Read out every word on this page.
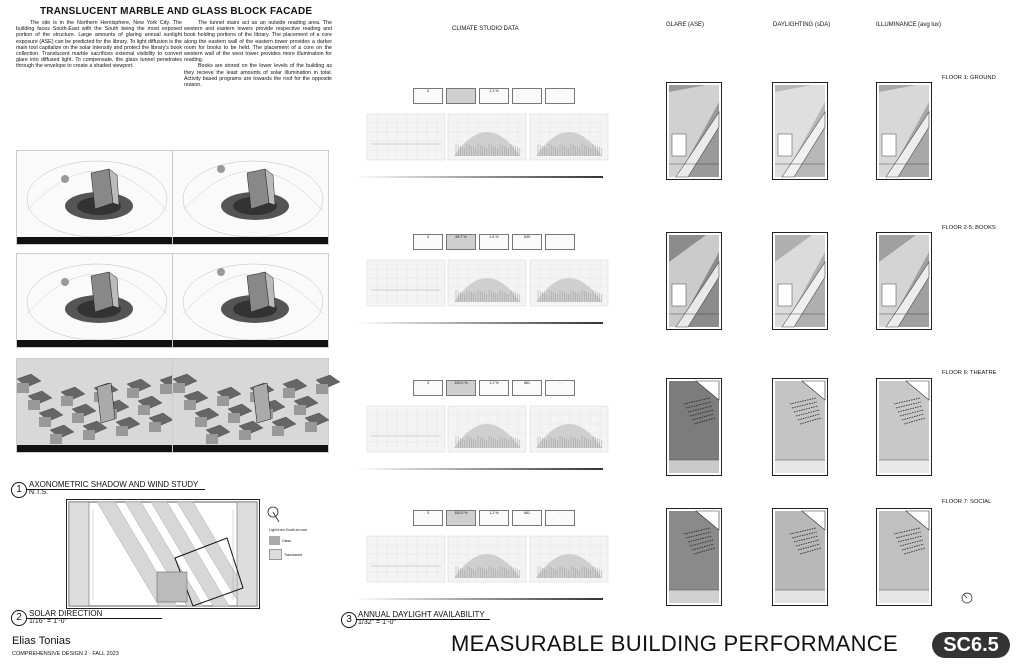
TRANSLUCENT MARBLE AND GLASS BLOCK FACADE

The site is in the Northern Hemisphere, New York City. The building faces South-East with the South being the most exposed portion of the structure. Large amounts of glaring annual sunlight exposure (ASE) can be predicted for the library. To light diffusion is the main tool capitalize on the solar intensity and protect the library's book collection. Translucent marble sacrifices external visibility to convert glare into diffused light. To compensate, the glass tunnel penetrates through the envelope to create a shaded viewport.

The tunnel stairs act as an outside reading area. The western and eastern towers provide respective reading and book holding portions of the library. The placement of a core along the eastern wall of the eastern tower provides a darker room for books to be held. The placement of a core on the western wall of the west tower provides more illumination for reading.

Books are stored on the lower levels of the building as they recieve the least amounts of solar illumination in total. Activity based programs are towards the roof for the opposite reason.

Vernal Equinox (East View)	Summer Solstice
Autumn Equinox	Winter Solstice (East View)
Vernal Equinox (South View)	Winter Solstice (South View)
1 AXONOMETRIC SHADOW AND WIND STUDY
N.T.S.
Light from South at noon
Glass
Translucent
2 SOLAR DIRECTION
1/16" = 1'-0"
CLIMATE STUDIO DATA
3	1.2 %	-
3	99.7 %	1.6 %	639	-
3	100.0 %	1.2 %	661	-
3	100.0 %	1.2 %	661	-
3 ANNUAL DAYLIGHT AVAILABILITY
1/32" = 1'-0"
GLARE (ASE)	DAYLIGHTING (sDA)	ILLUMINANCE (avg lux)
FLOOR 1: GROUND
FLOOR 2-5: BOOKS
FLOOR 6: THEATRE
FLOOR 7: SOCIAL
Elias Tonias
COMPREHENSIVE DESIGN 2 - FALL 2023	MEASURABLE BUILDING PERFORMANCE	SC6.5
